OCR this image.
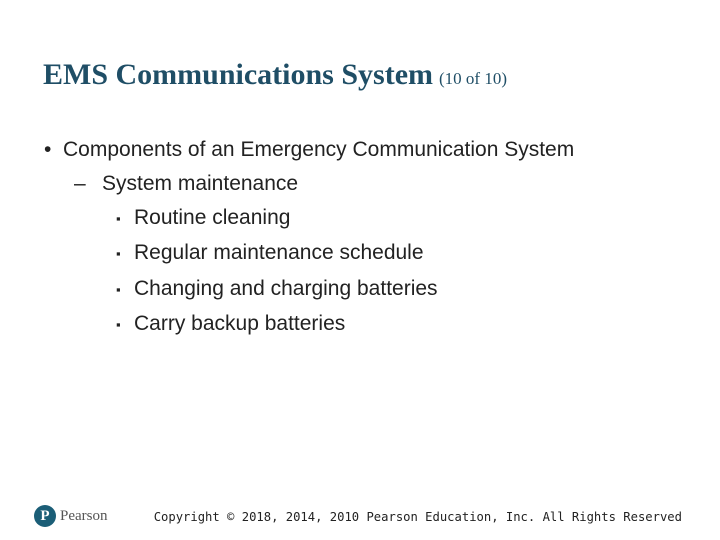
EMS Communications System (10 of 10)
• Components of an Emergency Communication System
– System maintenance
▪ Routine cleaning
▪ Regular maintenance schedule
▪ Changing and charging batteries
▪ Carry backup batteries
P Pearson	Copyright © 2018, 2014, 2010 Pearson Education, Inc. All Rights Reserved
